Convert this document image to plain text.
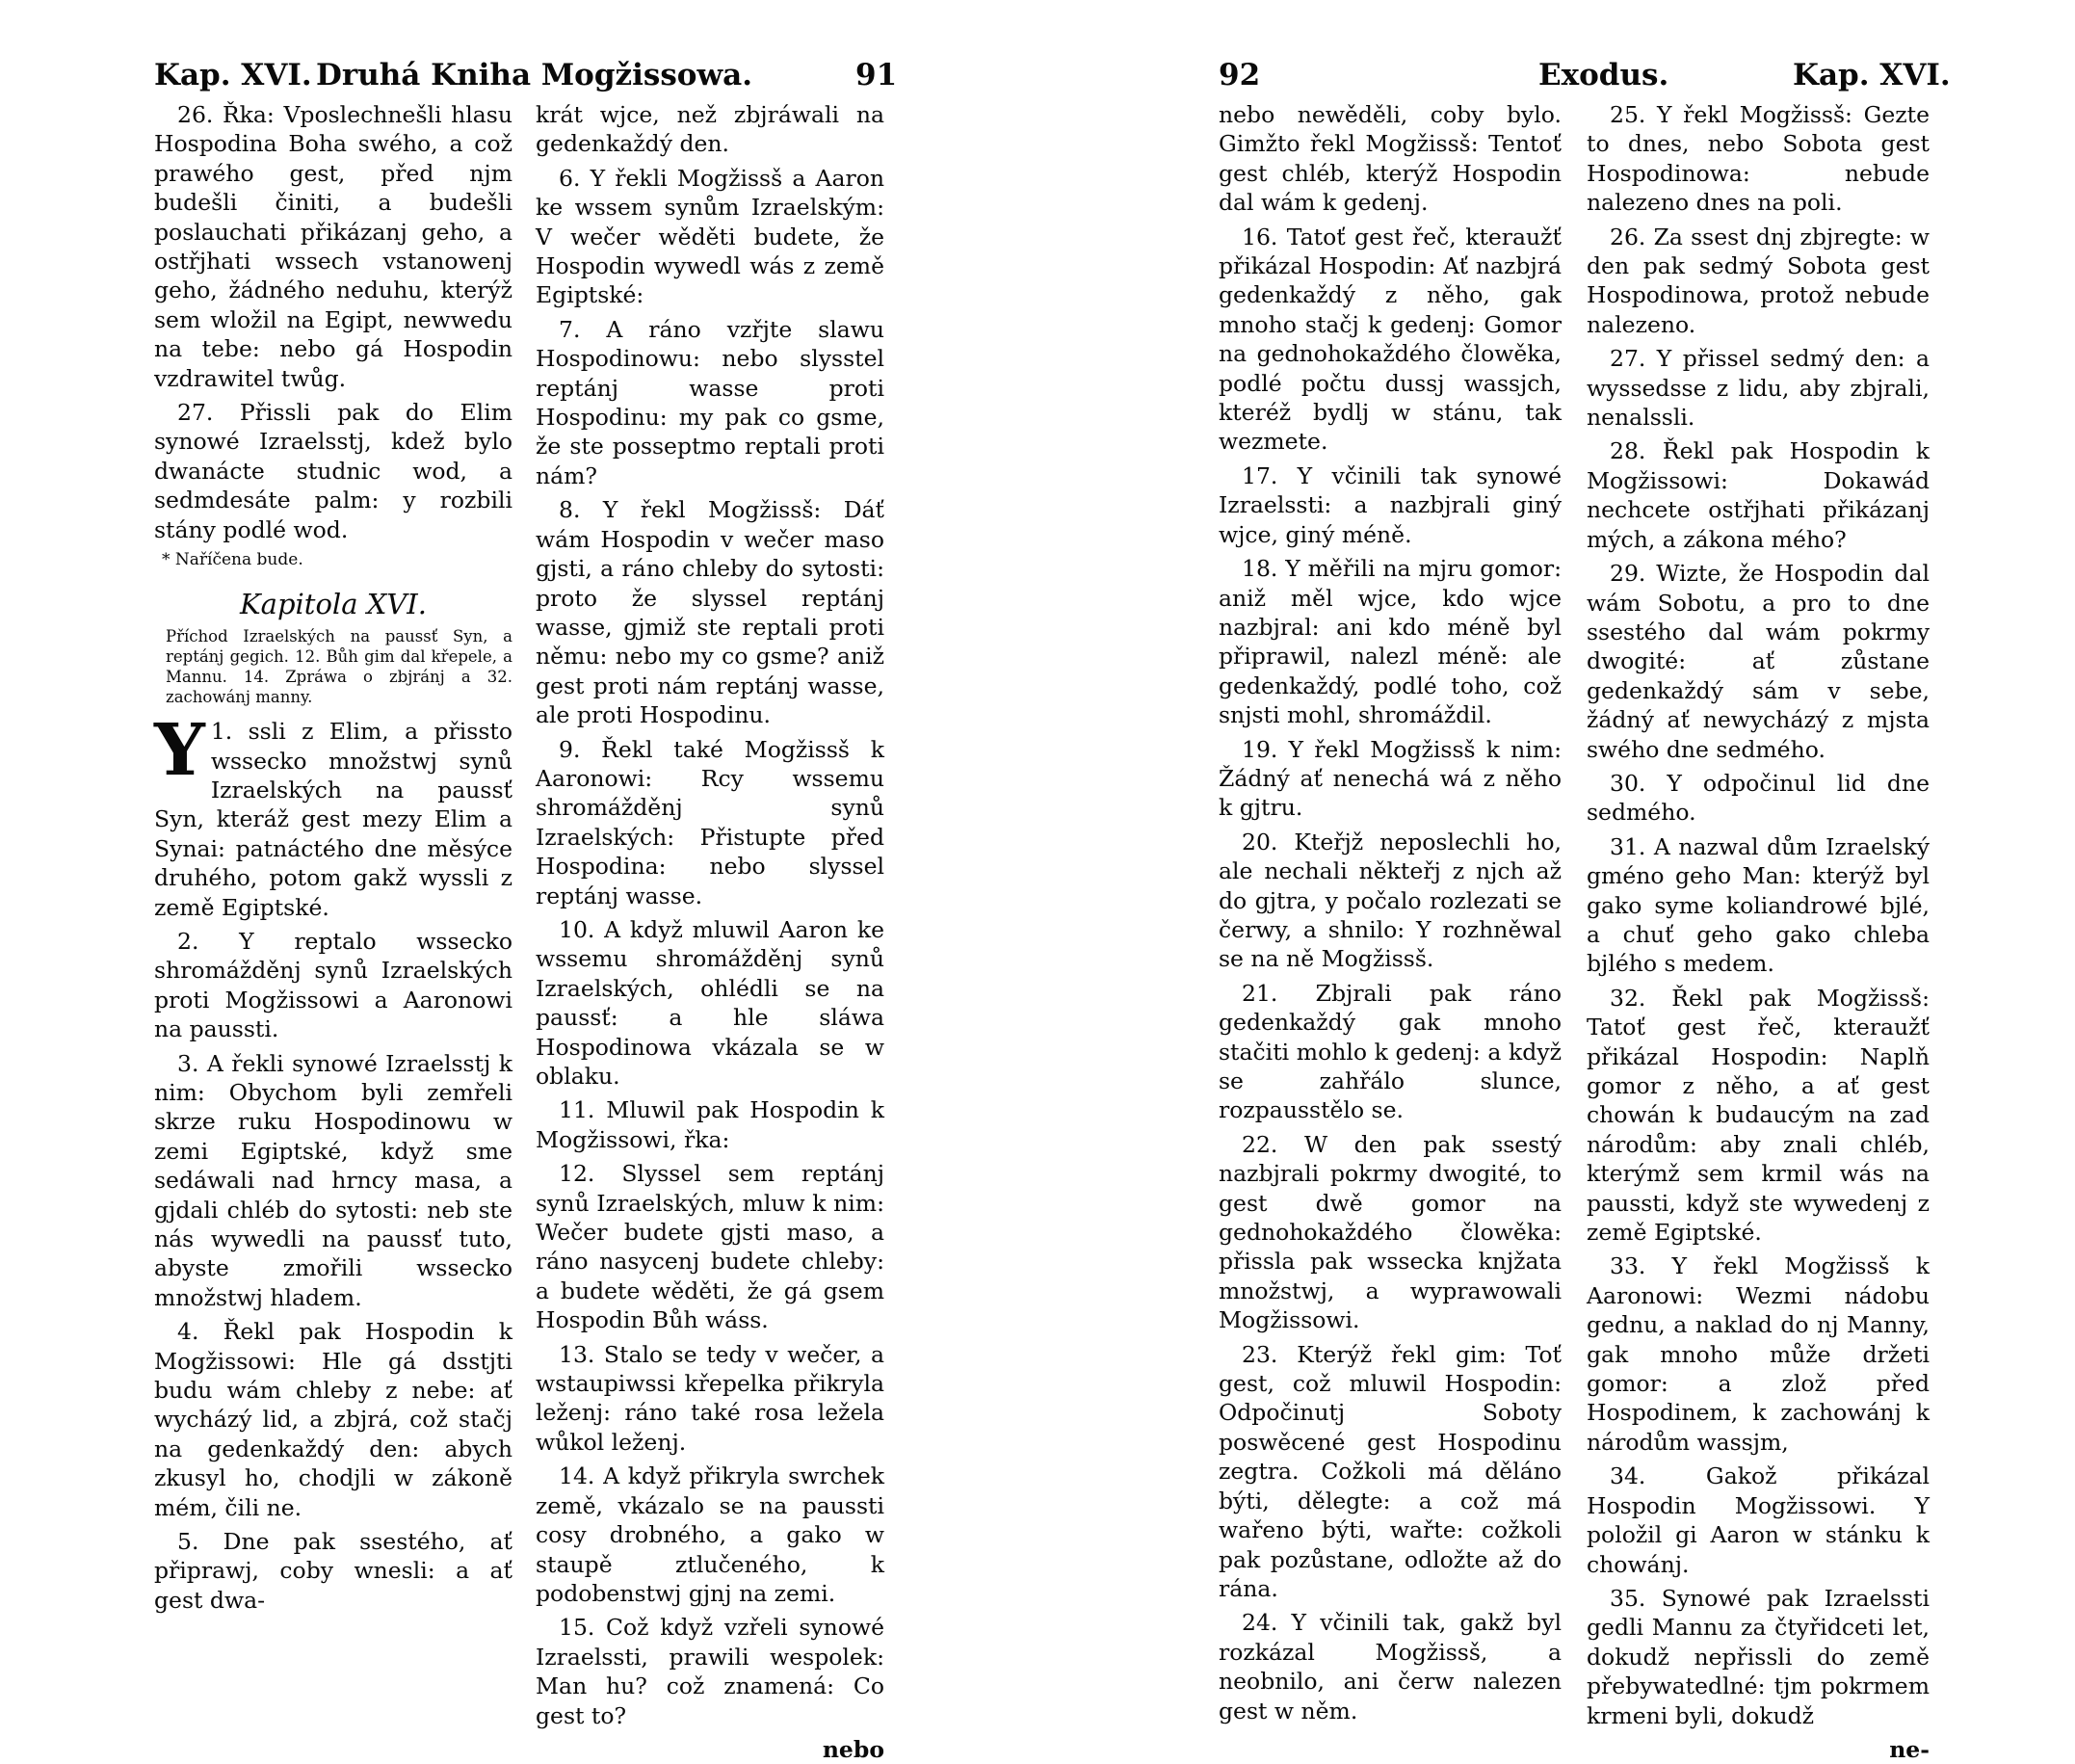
Kap. XVI. Druhá Kniha Mogžissowa.	91

26. Řka: Vposlechnešli hlasu Hospodina Boha swého, a což prawého gest, před njm budešli činiti, a budešli poslauchati přikázanj geho, a ostřjhati wssech vstanowenj geho, žádného neduhu, kterýž sem wložil na Egipt, newwedu na tebe: nebo gá Hospodin vzdrawitel twůg.

27. Přissli pak do Elim synowé Izraelsstj, kdež bylo dwanácte studnic wod, a sedmdesáte palm: y rozbili stány podlé wod.

* Naříčena bude.

Kapitola XVI.

Příchod Izraelských na paussť Syn, a reptánj gegich. 12. Bůh gim dal křepele, a Mannu. 14. Zpráwa o zbjránj a 32. zachowánj manny.

Y 1. ssli z Elim, a přissto wssecko množstwj synů Izraelských na paussť Syn, kteráž gest mezy Elim a Synai: patnáctého dne měsýce druhého, potom gakž wyssli z země Egiptské.

2. Y reptalo wssecko shromážděnj synů Izraelských proti Mogžissowi a Aaronowi na paussti.

3. A řekli synowé Izraelsstj k nim: Obychom byli zemřeli skrze ruku Hospodinowu w zemi Egiptské, když sme sedáwali nad hrncy masa, a gjdali chléb do sytosti: neb ste nás wywedli na paussť tuto, abyste zmořili wssecko množstwj hladem.

4. Řekl pak Hospodin k Mogžissowi: Hle gá dsstjti budu wám chleby z nebe: ať wycházý lid, a zbjrá, což stačj na gedenkaždý den: abych zkusyl ho, chodjli w zákoně mém, čili ne.

5. Dne pak ssestého, ať připrawj, coby wnesli: a ať gest dwa-

krát wjce, než zbjráwali na gedenkaždý den.

6. Y řekli Mogžissš a Aaron ke wssem synům Izraelským: V wečer wěděti budete, že Hospodin wywedl wás z země Egiptské:

7. A ráno vzřjte slawu Hospodinowu: nebo slysstel reptánj wasse proti Hospodinu: my pak co gsme, že ste posseptmo reptali proti nám?

8. Y řekl Mogžissš: Dáť wám Hospodin v wečer maso gjsti, a ráno chleby do sytosti: proto že slyssel reptánj wasse, gjmiž ste reptali proti němu: nebo my co gsme? aniž gest proti nám reptánj wasse, ale proti Hospodinu.

9. Řekl také Mogžissš k Aaronowi: Rcy wssemu shromážděnj synů Izraelských: Přistupte před Hospodina: nebo slyssel reptánj wasse.

10. A když mluwil Aaron ke wssemu shromážděnj synů Izraelských, ohlédli se na paussť: a hle sláwa Hospodinowa vkázala se w oblaku.

11. Mluwil pak Hospodin k Mogžissowi, řka:

12. Slyssel sem reptánj synů Izraelských, mluw k nim: Wečer budete gjsti maso, a ráno nasycenj budete chleby: a budete wěděti, že gá gsem Hospodin Bůh wáss.

13. Stalo se tedy v wečer, a wstaupiwssi křepelka přikryla leženj: ráno také rosa ležela wůkol leženj.

14. A když přikryla swrchek země, vkázalo se na paussti cosy drobného, a gako w staupě ztlučeného, k podobenstwj gjnj na zemi.

15. Což když vzřeli synowé Izraelssti, prawili wespolek: Man hu? což znamená: Co gest to?

nebo

92	Exodus.	Kap. XVI.

nebo newěděli, coby bylo. Gimžto řekl Mogžissš: Tentoť gest chléb, kterýž Hospodin dal wám k gedenj.

16. Tatoť gest řeč, kteraužť přikázal Hospodin: Ať nazbjrá gedenkaždý z něho, gak mnoho stačj k gedenj: Gomor na gednohokaždého člowěka, podlé počtu dussj wassjch, kteréž bydlj w stánu, tak wezmete.

17. Y včinili tak synowé Izraelssti: a nazbjrali giný wjce, giný méně.

18. Y měřili na mjru gomor: aniž měl wjce, kdo wjce nazbjral: ani kdo méně byl připrawil, nalezl méně: ale gedenkaždý, podlé toho, což snjsti mohl, shromáždil.

19. Y řekl Mogžissš k nim: Žádný ať nenechá wá z něho k gjtru.

20. Kteřjž neposlechli ho, ale nechali někteřj z njch až do gjtra, y počalo rozlezati se čerwy, a shnilo: Y rozhněwal se na ně Mogžissš.

21. Zbjrali pak ráno gedenkaždý gak mnoho stačiti mohlo k gedenj: a když se zahřálo slunce, rozpausstělo se.

22. W den pak ssestý nazbjrali pokrmy dwogité, to gest dwě gomor na gednohokaždého člowěka: přissla pak wssecka knjžata množstwj, a wyprawowali Mogžissowi.

23. Kterýž řekl gim: Toť gest, což mluwil Hospodin: Odpočinutj Soboty poswěcené gest Hospodinu zegtra. Cožkoli má děláno býti, dělegte: a což má wařeno býti, wařte: cožkoli pak pozůstane, odložte až do rána.

24. Y včinili tak, gakž byl rozkázal Mogžissš, a neobnilo, ani čerw nalezen gest w něm.

25. Y řekl Mogžissš: Gezte to dnes, nebo Sobota gest Hospodinowa: nebude nalezeno dnes na poli.

26. Za ssest dnj zbjregte: w den pak sedmý Sobota gest Hospodinowa, protož nebude nalezeno.

27. Y přissel sedmý den: a wyssedsse z lidu, aby zbjrali, nenalssli.

28. Řekl pak Hospodin k Mogžissowi: Dokawád nechcete ostřjhati přikázanj mých, a zákona mého?

29. Wizte, že Hospodin dal wám Sobotu, a pro to dne ssestého dal wám pokrmy dwogité: ať zůstane gedenkaždý sám v sebe, žádný ať newycházý z mjsta swého dne sedmého.

30. Y odpočinul lid dne sedmého.

31. A nazwal dům Izraelský gméno geho Man: kterýž byl gako syme koliandrowé bjlé, a chuť geho gako chleba bjlého s medem.

32. Řekl pak Mogžissš: Tatoť gest řeč, kteraužť přikázal Hospodin: Naplň gomor z něho, a ať gest chowán k budaucým na zad národům: aby znali chléb, kterýmž sem krmil wás na paussti, když ste wywedenj z země Egiptské.

33. Y řekl Mogžissš k Aaronowi: Wezmi nádobu gednu, a naklad do nj Manny, gak mnoho může držeti gomor: a zlož před Hospodinem, k zachowánj k národům wassjm,

34. Gakož přikázal Hospodin Mogžissowi. Y položil gi Aaron w stánku k chowánj.

35. Synowé pak Izraelssti gedli Mannu za čtyřidceti let, dokudž nepřissli do země přebywatedlné: tjm pokrmem krmeni byli, dokudž

ne-
